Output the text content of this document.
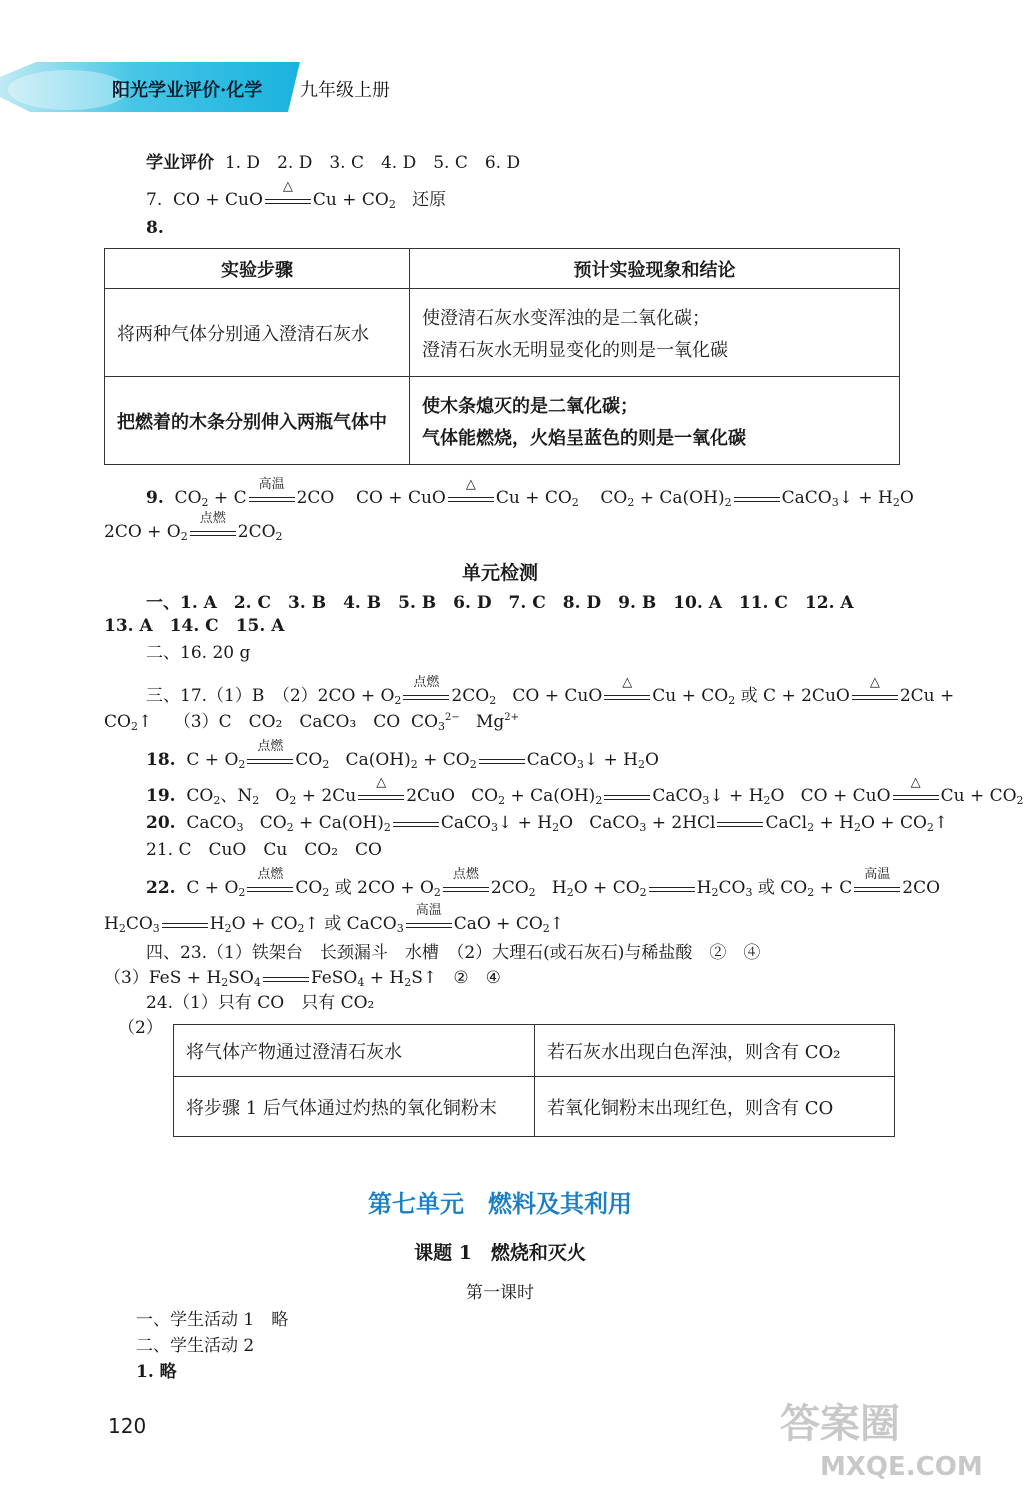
阳光学业评价·化学 九年级上册
学业评价 1. D　2. D　3. C　4. D　5. C　6. D
7.  CO + CuO
△
$Cu + CO_2$ 还原
8.
实验步骤	预计实验现象和结论
将两种气体分别通入澄清石灰水	使澄清石灰水变浑浊的是二氧化碳；
澄清石灰水无明显变化的则是一氧化碳

把燃着的木条分别伸入两瓶气体中	使木条熄灭的是二氧化碳；
气体能燃烧，火焰呈蓝色的则是一氧化碳
9.  $CO_2 + C$
高温
2CO    CO + CuO
△
$Cu + CO_2$    $CO_2 + Ca(OH)_2$	CaCO$_3$↓ + $H_2O$
$2CO + O_2$
点燃
$2CO_2$
单元检测
一、1. A　2. C　3. B　4. B　5. B　6. D　7. C　8. D　9. B　10. A　11. C　12. A
13. A　14. C　15. A
二、16. 20 g
三、17.（1）B　$(2)2CO + O_2$
点燃
$2CO_2$   CO + CuO
△
$Cu + CO_2$ 或 C + 2CuO
△
2Cu +
$CO_2↑$    （3）C　CO₂　CaCO₃　CO  $CO_3^{2-}$   $Mg^{2+}$
18.  $C + O_2$
点燃
$CO_2$   $Ca(OH)_2 + CO_2$	CaCO$_3$↓ + $H_2O$
19.  $CO_2$、$N_2$   $O_2 + 2Cu$
△
2CuO   $CO_2 + Ca(OH)_2$	CaCO$_3$↓ + $H_2O$   CO + CuO
△
$Cu + CO_2$
20.  CaCO$_3$   $CO_2 + Ca(OH)_2$	CaCO$_3$↓ + $H_2O$   CaCO$_3$ + 2HCl	CaCl$_2$ + $H_2O$ + $CO_2↑$
21. C　CuO　Cu　CO₂　CO
22.  $C + O_2$
点燃
$CO_2$ 或 $2CO + O_2$
点燃
$2CO_2$   $H_2O + CO_2$	$H_2CO_3$ 或 $CO_2 + C$
高温
2CO
$H_2CO_3$	$H_2O$ + $CO_2↑$ 或 CaCO$_3$
高温
CaO + $CO_2↑$
四、23.（1）铁架台　长颈漏斗　水槽　（2）大理石(或石灰石)与稀盐酸　②　④
$(3)FeS + H_2SO_4$	FeSO$_4$ + $H_2S↑$   ②　④
24.（1）只有 CO　只有 CO₂
（2）
将气体产物通过澄清石灰水	若石灰水出现白色浑浊，则含有 CO₂
将步骤 1 后气体通过灼热的氧化铜粉末	若氧化铜粉末出现红色，则含有 CO
第七单元　燃料及其利用
课题 1　燃烧和灭火
第一课时
一、学生活动 1　略
二、学生活动 2
1. 略
120	答案圈
MXQE.COM
